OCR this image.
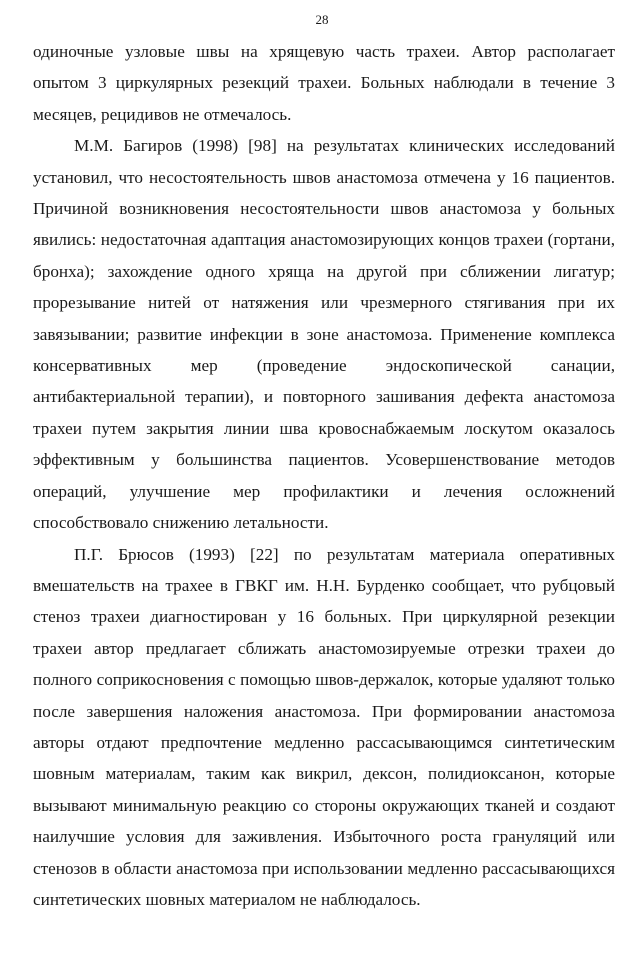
28

одиночные узловые швы на хрящевую часть трахеи. Автор располагает опытом 3 циркулярных резекций трахеи. Больных наблюдали в течение 3 месяцев, рецидивов не отмечалось.

М.М. Багиров (1998) [98] на результатах клинических исследований установил, что несостоятельность швов анастомоза отмечена у 16 пациентов. Причиной возникновения несостоятельности швов анастомоза у больных явились: недостаточная адаптация анастомозирующих концов трахеи (гортани, бронха); захождение одного хряща на другой при сближении лигатур; прорезывание нитей от натяжения или чрезмерного стягивания при их завязывании; развитие инфекции в зоне анастомоза. Применение комплекса консервативных мер (проведение эндоскопической санации, антибактериальной терапии), и повторного зашивания дефекта анастомоза трахеи путем закрытия линии шва кровоснабжаемым лоскутом оказалось эффективным у большинства пациентов. Усовершенствование методов операций, улучшение мер профилактики и лечения осложнений способствовало снижению летальности.

П.Г. Брюсов (1993) [22] по результатам материала оперативных вмешательств на трахее в ГВКГ им. Н.Н. Бурденко сообщает, что рубцовый стеноз трахеи диагностирован у 16 больных. При циркулярной резекции трахеи автор предлагает сближать анастомозируемые отрезки трахеи до полного соприкосновения с помощью швов-держалок, которые удаляют только после завершения наложения анастомоза. При формировании анастомоза авторы отдают предпочтение медленно рассасывающимся синтетическим шовным материалам, таким как викрил, дексон, полидиоксанон, которые вызывают минимальную реакцию со стороны окружающих тканей и создают наилучшие условия для заживления. Избыточного роста грануляций или стенозов в области анастомоза при использовании медленно рассасывающихся синтетических шовных материалом не наблюдалось.
